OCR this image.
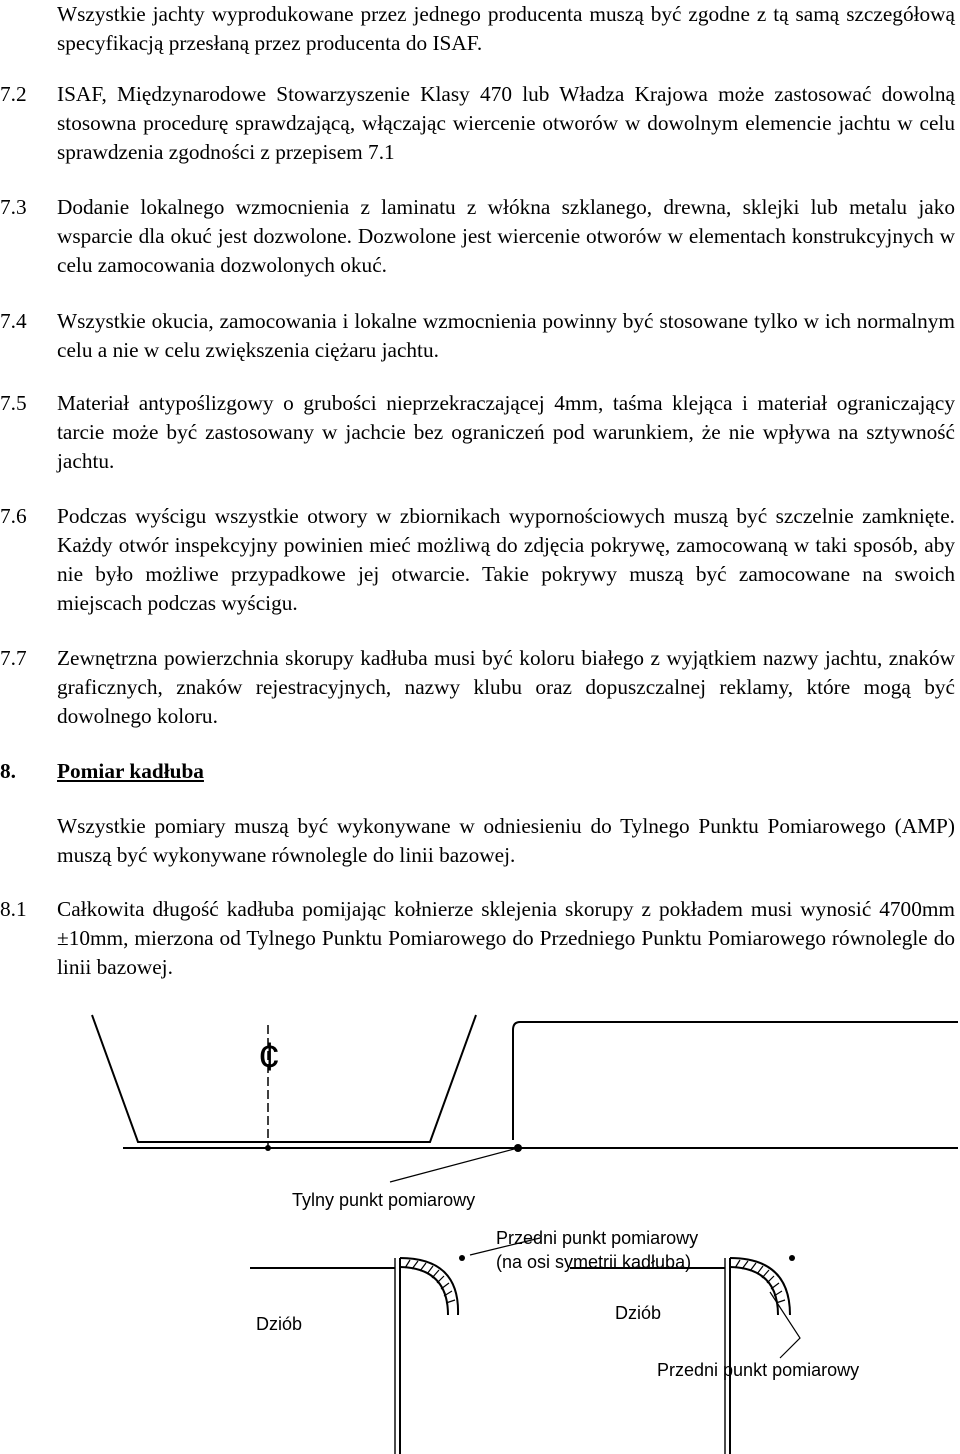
Wszystkie jachty wyprodukowane przez jednego producenta muszą być zgodne z tą samą szczegółową specyfikacją przesłaną przez producenta do ISAF.
7.2 ISAF, Międzynarodowe Stowarzyszenie Klasy 470 lub Władza Krajowa może zastosować dowolną stosowna procedurę sprawdzającą, włączając wiercenie otworów w dowolnym elemencie jachtu w celu sprawdzenia zgodności z przepisem 7.1
7.3 Dodanie lokalnego wzmocnienia z laminatu z włókna szklanego, drewna, sklejki lub metalu jako wsparcie dla okuć jest dozwolone. Dozwolone jest wiercenie otworów w elementach konstrukcyjnych w celu zamocowania dozwolonych okuć.
7.4 Wszystkie okucia, zamocowania i lokalne wzmocnienia powinny być stosowane tylko w ich normalnym celu a nie w celu zwiększenia ciężaru jachtu.
7.5 Materiał antypoślizgowy o grubości nieprzekraczającej 4mm, taśma klejąca i materiał ograniczający tarcie może być zastosowany w jachcie bez ograniczeń pod warunkiem, że nie wpływa na sztywność jachtu.
7.6 Podczas wyścigu wszystkie otwory w zbiornikach wypornościowych muszą być szczelnie zamknięte. Każdy otwór inspekcyjny powinien mieć możliwą do zdjęcia pokrywę, zamocowaną w taki sposób, aby nie było możliwe przypadkowe jej otwarcie. Takie pokrywy muszą być zamocowane na swoich miejscach podczas wyścigu.
7.7 Zewnętrzna powierzchnia skorupy kadłuba musi być koloru białego z wyjątkiem nazwy jachtu, znaków graficznych, znaków rejestracyjnych, nazwy klubu oraz dopuszczalnej reklamy, które mogą być dowolnego koloru.
8. Pomiar kadłuba
Wszystkie pomiary muszą być wykonywane w odniesieniu do Tylnego Punktu Pomiarowego (AMP) muszą być wykonywane równolegle do linii bazowej.
8.1 Całkowita długość kadłuba pomijając kołnierze sklejenia skorupy z pokładem musi wynosić 4700mm ±10mm, mierzona od Tylnego Punktu Pomiarowego do Przedniego Punktu Pomiarowego równolegle do linii bazowej.
¢
Tylny punkt pomiarowy
Przedni punkt pomiarowy
(na osi symetrii kadłuba)
Dziób
Dziób
Przedni punkt pomiarowy
